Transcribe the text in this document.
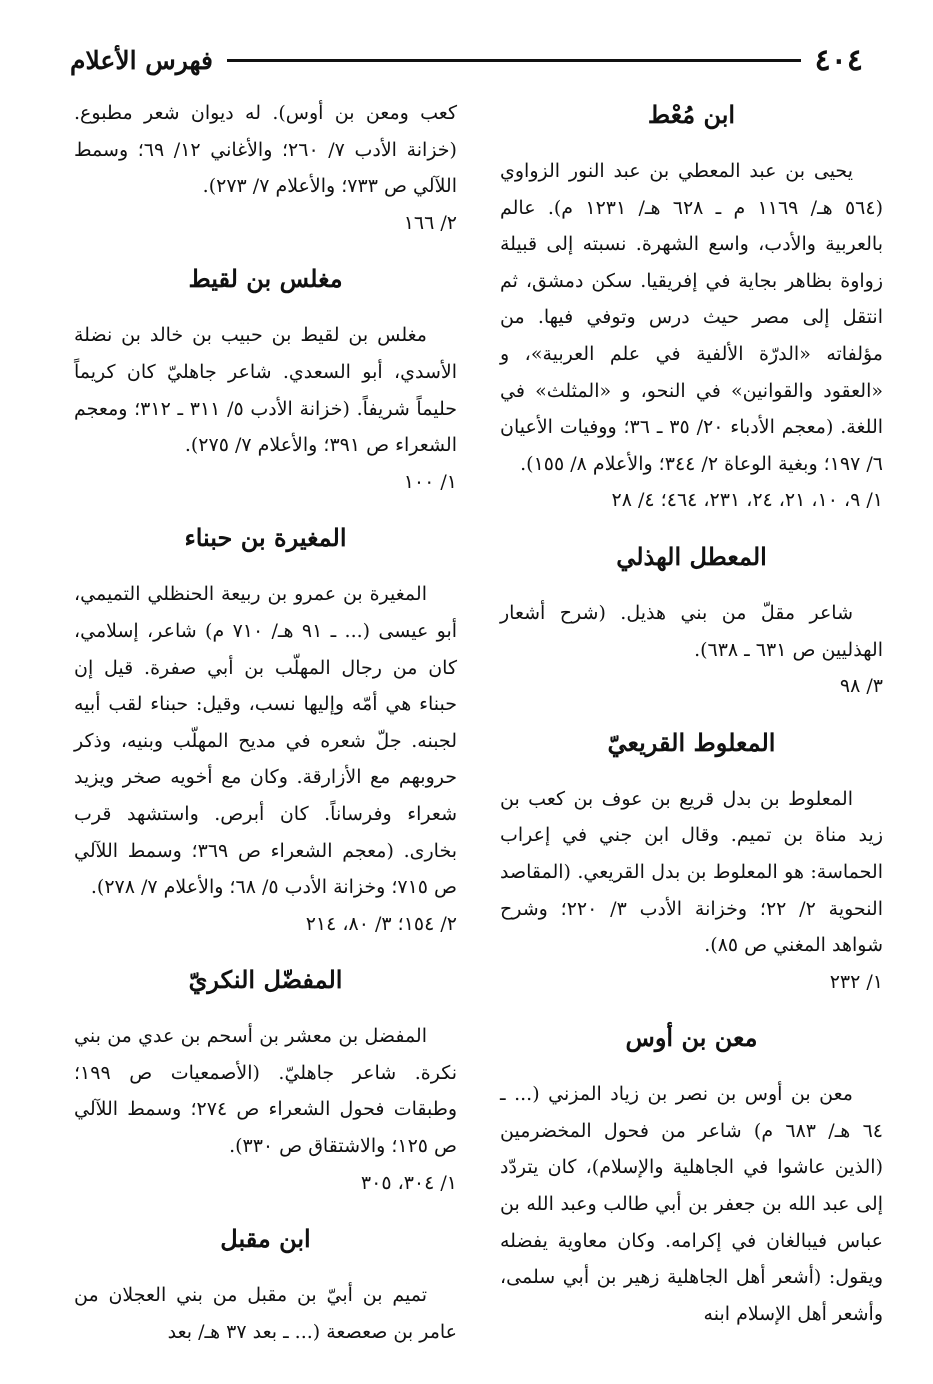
٤٠٤
فهرس الأعلام
ابن مُعْط

يحيى بن عبد المعطي بن عبد النور الزواوي (٥٦٤ هـ/ ١١٦٩ م ـ ٦٢٨ هـ/ ١٢٣١ م). عالم بالعربية والأدب، واسع الشهرة. نسبته إلى قبيلة زواوة بظاهر بجاية في إفريقيا. سكن دمشق، ثم انتقل إلى مصر حيث درس وتوفي فيها. من مؤلفاته «الدرّة الألفية في علم العربية»، و «العقود والقوانين» في النحو، و «المثلث» في اللغة. (معجم الأدباء ٢٠/ ٣٥ ـ ٣٦؛ ووفيات الأعيان ٦/ ١٩٧؛ وبغية الوعاة ٢/ ٣٤٤؛ والأعلام ٨/ ١٥٥).

١/ ٩، ١٠، ٢١، ٢٤، ٢٣١، ٤٦٤؛ ٤/ ٢٨

المعطل الهذلي

شاعر مقلّ من بني هذيل. (شرح أشعار الهذليين ص ٦٣١ ـ ٦٣٨).

٣/ ٩٨

المعلوط القريعيّ

المعلوط بن بدل قريع بن عوف بن كعب بن زيد مناة بن تميم. وقال ابن جني في إعراب الحماسة: هو المعلوط بن بدل القريعي. (المقاصد النحوية ٢/ ٢٢؛ وخزانة الأدب ٣/ ٢٢٠؛ وشرح شواهد المغني ص ٨٥).

١/ ٢٣٢

معن بن أوس

معن بن أوس بن نصر بن زياد المزني (... ـ ٦٤ هـ/ ٦٨٣ م) شاعر من فحول المخضرمين (الذين عاشوا في الجاهلية والإسلام)، كان يتردّد إلى عبد الله بن جعفر بن أبي طالب وعبد الله بن عباس فيبالغان في إكرامه. وكان معاوية يفضله ويقول: (أشعر أهل الجاهلية زهير بن أبي سلمى، وأشعر أهل الإسلام ابنه

كعب ومعن بن أوس). له ديوان شعر مطبوع. (خزانة الأدب ٧/ ٢٦٠؛ والأغاني ١٢/ ٦٩؛ وسمط اللآلي ص ٧٣٣؛ والأعلام ٧/ ٢٧٣).

٢/ ١٦٦

مغلس بن لقيط

مغلس بن لقيط بن حبيب بن خالد بن نضلة الأسدي، أبو السعدي. شاعر جاهليّ كان كريماً حليماً شريفاً. (خزانة الأدب ٥/ ٣١١ ـ ٣١٢؛ ومعجم الشعراء ص ٣٩١؛ والأعلام ٧/ ٢٧٥).

١/ ١٠٠

المغيرة بن حبناء

المغيرة بن عمرو بن ربيعة الحنظلي التميمي، أبو عيسى (... ـ ٩١ هـ/ ٧١٠ م) شاعر، إسلامي، كان من رجال المهلّب بن أبي صفرة. قيل إن حبناء هي أمّه وإليها نسب، وقيل: حبناء لقب أبيه لجبنه. جلّ شعره في مديح المهلّب وبنيه، وذكر حروبهم مع الأزارقة. وكان مع أخويه صخر ويزيد شعراء وفرساناً. كان أبرص. واستشهد قرب بخارى. (معجم الشعراء ص ٣٦٩؛ وسمط اللآلي ص ٧١٥؛ وخزانة الأدب ٥/ ٦٨؛ والأعلام ٧/ ٢٧٨).

٢/ ١٥٤؛ ٣/ ٨٠، ٢١٤

المفضّل النكريّ

المفضل بن معشر بن أسحم بن عدي من بني نكرة. شاعر جاهليّ. (الأصمعيات ص ١٩٩؛ وطبقات فحول الشعراء ص ٢٧٤؛ وسمط اللآلي ص ١٢٥؛ والاشتقاق ص ٣٣٠).

١/ ٣٠٤، ٣٠٥

ابن مقبل

تميم بن أبيّ بن مقبل من بني العجلان من عامر بن صعصعة (... ـ بعد ٣٧ هـ/ بعد
